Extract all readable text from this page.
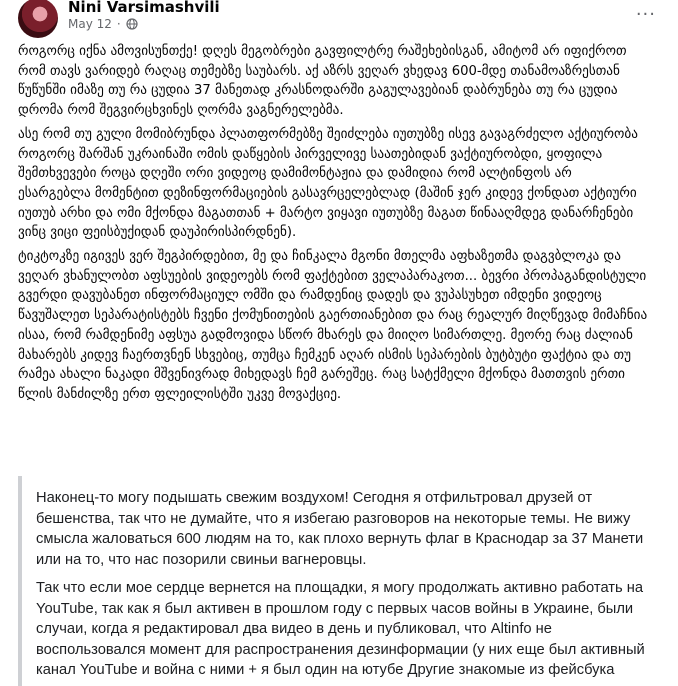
Nini Varsimashvili
May 12 ·	···

როგორც იქნა ამოვისუნთქე! დღეს მეგობრები გავფილტრე რაშეხებისგან, ამიტომ არ იფიქროთ რომ თავს ვარიდებ რაღაც თემებზე საუბარს. აქ აზრს ვეღარ ვხედავ 600-მდე თანამოაზრესთან წუწუნში იმაზე თუ რა ცუდია 37 მანეთად კრასნოდარში გაგულავებიან დაბრუნება თუ რა ცუდია დრომა რომ შეგვირცხვინეს ღორმა ვაგნერელებმა.

ასე რომ თუ გული მომიბრუნდა პლათფორმებზე შეიძლება იუთუბზე ისევ გავაგრძელო აქტიურობა როგორც შარშან უკრაინაში ომის დაწყების პირველივე საათებიდან ვაქტიურობდი, ყოფილა შემთხვევები როცა დღეში ორი ვიდეოც დამიმონტაჟია და დამიდია რომ ალტინფოს არ ესარგებლა მომენტით დეზინფორმაციების გასავრცელებლად (მაშინ ჯერ კიდევ ქონდათ აქტიური იუთუბ არხი და ომი მქონდა მაგათთან + მარტო ვიყავი იუთუბზე მაგათ წინააღმდეგ დანარჩენები ვინც ვიცი ფეისბუქიდან დაუპირისპირდნენ).

ტიკტოკზე იგივეს ვერ შეგპირდებით, მე და ჩინკალა მგონი მთელმა აფხაზეთმა დაგვბლოკა და ვეღარ ვხანულობთ აფსუების ვიდეოებს რომ ფაქტებით ველაპარაკოთ... ბევრი პროპაგანდისტული გვერდი დავუბანეთ ინფორმაციულ ომში და რამდენიც დადეს და ვუპასუხეთ იმდენი ვიდეოც წავუშალეთ სეპარატისტებს ჩვენი ქომუნითების გაერთიანებით და რაც რეალურ მიღწევად მიმაჩნია ისაა, რომ რამდენიმე აფსუა გადმოვიდა სწორ მხარეს და მიიღო სიმართლე. მეორე რაც ძალიან მახარებს კიდევ ჩაერთვნენ სხვებიც, თუმცა ჩემკენ აღარ ისმის სეპარების ბუტბუტი ფაქტია და თუ რამეა ახალი ნაკადი მშვენივრად მიხედავს ჩემ გარეშეც. რაც სატქმელი მქონდა მათთვის ერთი წლის მანძილზე ერთ ფლეილისტში უკვე მოვაქციე.

Наконец-то могу подышать свежим воздухом! Сегодня я отфильтровал друзей от бешенства, так что не думайте, что я избегаю разговоров на некоторые темы. Не вижу смысла жаловаться 600 людям на то, как плохо вернуть флаг в Краснодар за 37 Манети или на то, что нас позорили свиньи вагнеровцы.

Так что если мое сердце вернется на площадки, я могу продолжать активно работать на YouTube, так как я был активен в прошлом году с первых часов войны в Украине, были случаи, когда я редактировал два видео в день и публиковал, что Altinfo не воспользовался момент для распространения дезинформации (у них еще был активный канал YouTube и война с ними + я был один на ютубе Другие знакомые из фейсбука
